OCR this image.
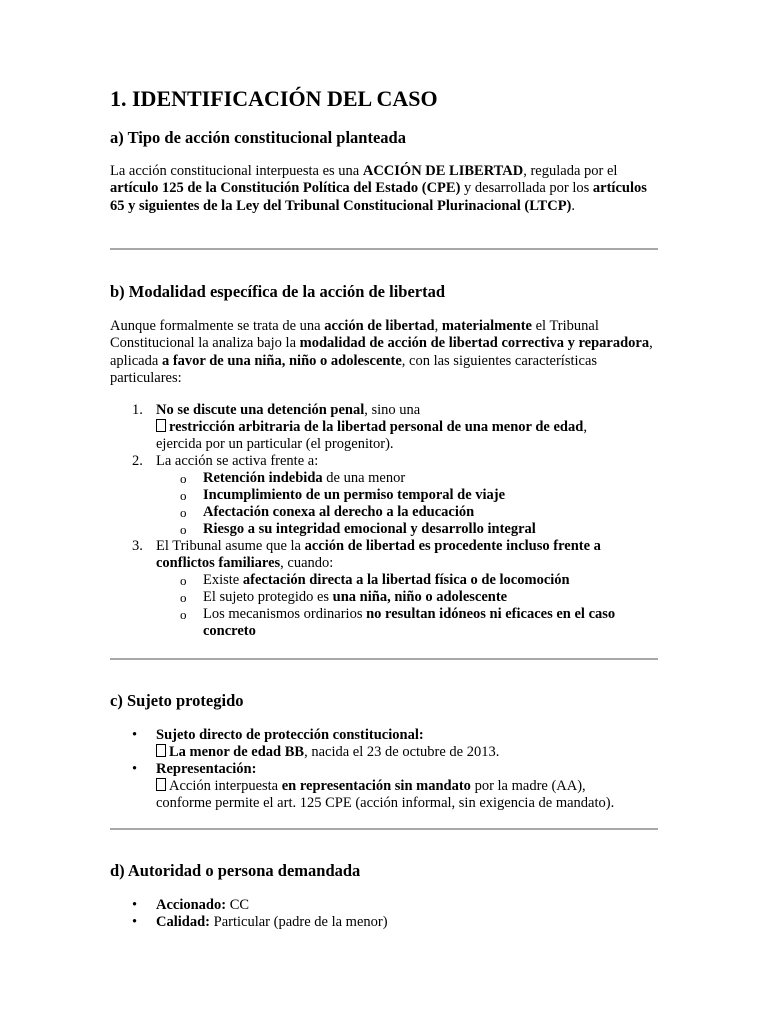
1. IDENTIFICACIÓN DEL CASO
a) Tipo de acción constitucional planteada

La acción constitucional interpuesta es una ACCIÓN DE LIBERTAD, regulada por el artículo 125 de la Constitución Política del Estado (CPE) y desarrollada por los artículos 65 y siguientes de la Ley del Tribunal Constitucional Plurinacional (LTCP).

b) Modalidad específica de la acción de libertad

Aunque formalmente se trata de una acción de libertad, materialmente el Tribunal Constitucional la analiza bajo la modalidad de acción de libertad correctiva y reparadora, aplicada a favor de una niña, niño o adolescente, con las siguientes características particulares:

1. No se discute una detención penal, sino una
restricción arbitraria de la libertad personal de una menor de edad,
ejercida por un particular (el progenitor).
2. La acción se activa frente a:
o Retención indebida de una menor
o Incumplimiento de un permiso temporal de viaje
o Afectación conexa al derecho a la educación
o Riesgo a su integridad emocional y desarrollo integral
3. El Tribunal asume que la acción de libertad es procedente incluso frente a conflictos familiares, cuando:
o Existe afectación directa a la libertad física o de locomoción
o El sujeto protegido es una niña, niño o adolescente
o Los mecanismos ordinarios no resultan idóneos ni eficaces en el caso concreto
c) Sujeto protegido
• Sujeto directo de protección constitucional:
La menor de edad BB, nacida el 23 de octubre de 2013.
• Representación:
Acción interpuesta en representación sin mandato por la madre (AA),
conforme permite el art. 125 CPE (acción informal, sin exigencia de mandato).
d) Autoridad o persona demandada
• Accionado: CC
• Calidad: Particular (padre de la menor)
